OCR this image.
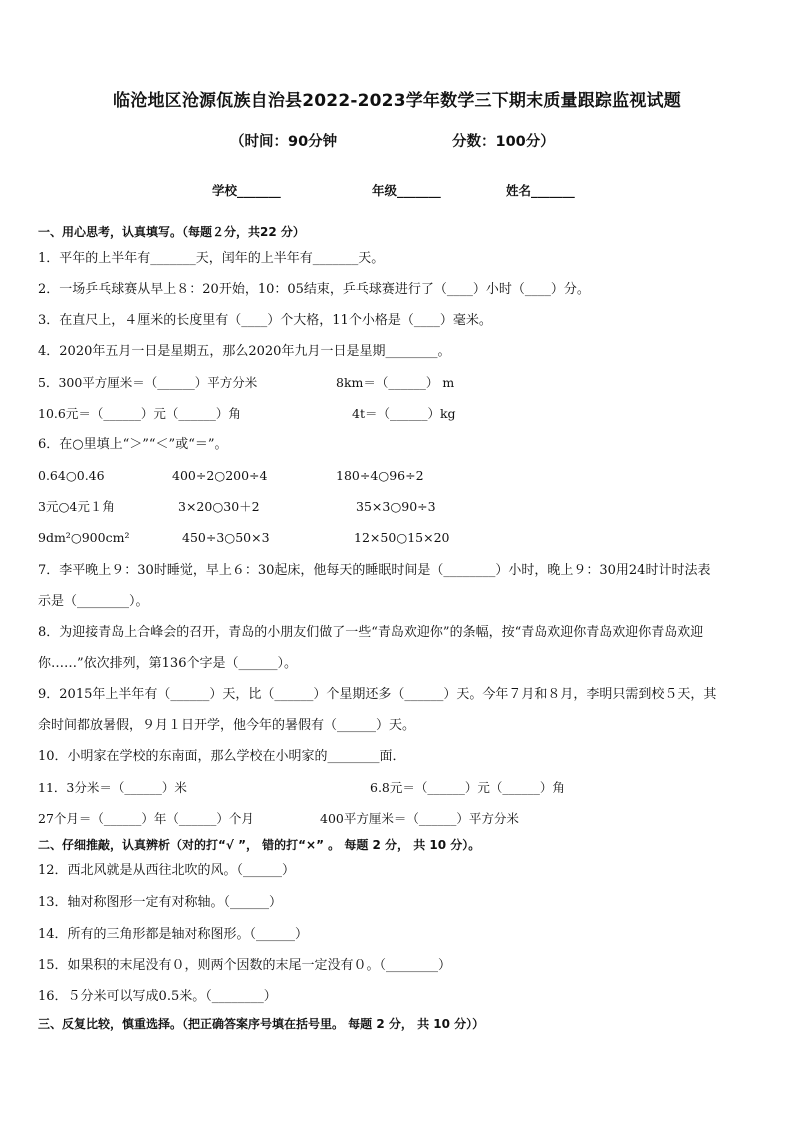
临沧地区沧源佤族自治县2022-2023学年数学三下期末质量跟踪监视试题
（时间：90分钟	分数：100分）
学校_______	年级_______	姓名_______
一、用心思考，认真填写。（每题２分，共22 分）
1．平年的上半年有_______天，闰年的上半年有_______天。
2．一场乒乓球赛从早上８：20开始，10：05结束，乒乓球赛进行了（____）小时（____）分。
3．在直尺上，４厘米的长度里有（____）个大格，11个小格是（____）毫米。
4．2020年五月一日是星期五，那么2020年九月一日是星期________。
5．300平方厘米＝（______）平方分米	8km＝（______） m
10.6元＝（______）元（______）角	4t＝（______）kg
6．在○里填上“＞”“＜”或“＝”。
0.64○0.46	400÷2○200÷4	180÷4○96÷2
3元○4元１角	3×20○30＋2	35×3○90÷3
9dm²○900cm²	450÷3○50×3	12×50○15×20
7．李平晚上９：30时睡觉，早上６：30起床，他每天的睡眠时间是（________）小时，晚上９：30用24时计时法表
示是（________）。
8．为迎接青岛上合峰会的召开，青岛的小朋友们做了一些“青岛欢迎你”的条幅，按“青岛欢迎你青岛欢迎你青岛欢迎
你……”依次排列，第136个字是（______）。
9．2015年上半年有（______）天，比（______）个星期还多（______）天。今年７月和８月，李明只需到校５天，其
余时间都放暑假，９月１日开学，他今年的暑假有（______）天。
10．小明家在学校的东南面，那么学校在小明家的________面．
11．3分米＝（______）米	6.8元＝（______）元（______）角
27个月＝（______）年（______）个月	400平方厘米＝（______）平方分米
二、仔细推敲，认真辨析（对的打“√ ”， 错的打“×” 。 每题 2 分， 共 10 分）。
12．西北风就是从西往北吹的风。（______）
13．轴对称图形一定有对称轴。（______）
14．所有的三角形都是轴对称图形。（______）
15．如果积的末尾没有０，则两个因数的末尾一定没有０。（________）
16．５分米可以写成0.5米。（________）
三、反复比较，慎重选择。（把正确答案序号填在括号里。 每题 2 分， 共 10 分））
